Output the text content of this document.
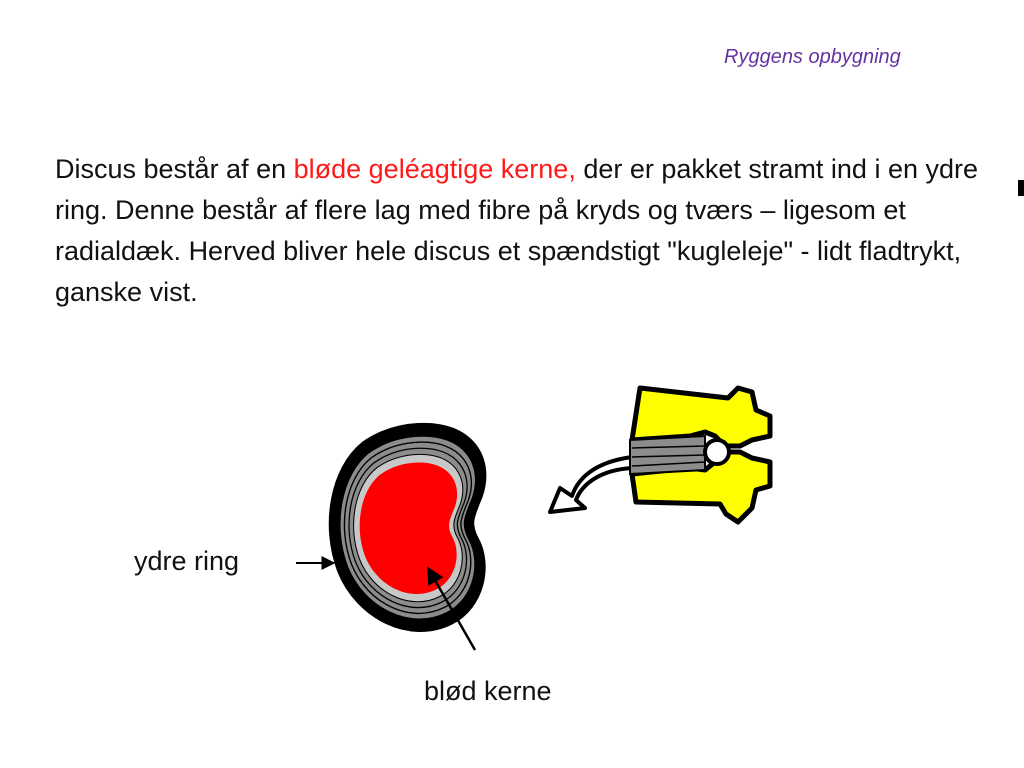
Ryggens opbygning
Discus består af en bløde geléagtige kerne, der er pakket stramt ind i en ydre ring. Denne består af flere lag med fibre på kryds og tværs – ligesom et radialdæk. Herved bliver hele discus et spændstigt "kugleleje" - lidt fladtrykt, ganske vist.
ydre ring
blød kerne
